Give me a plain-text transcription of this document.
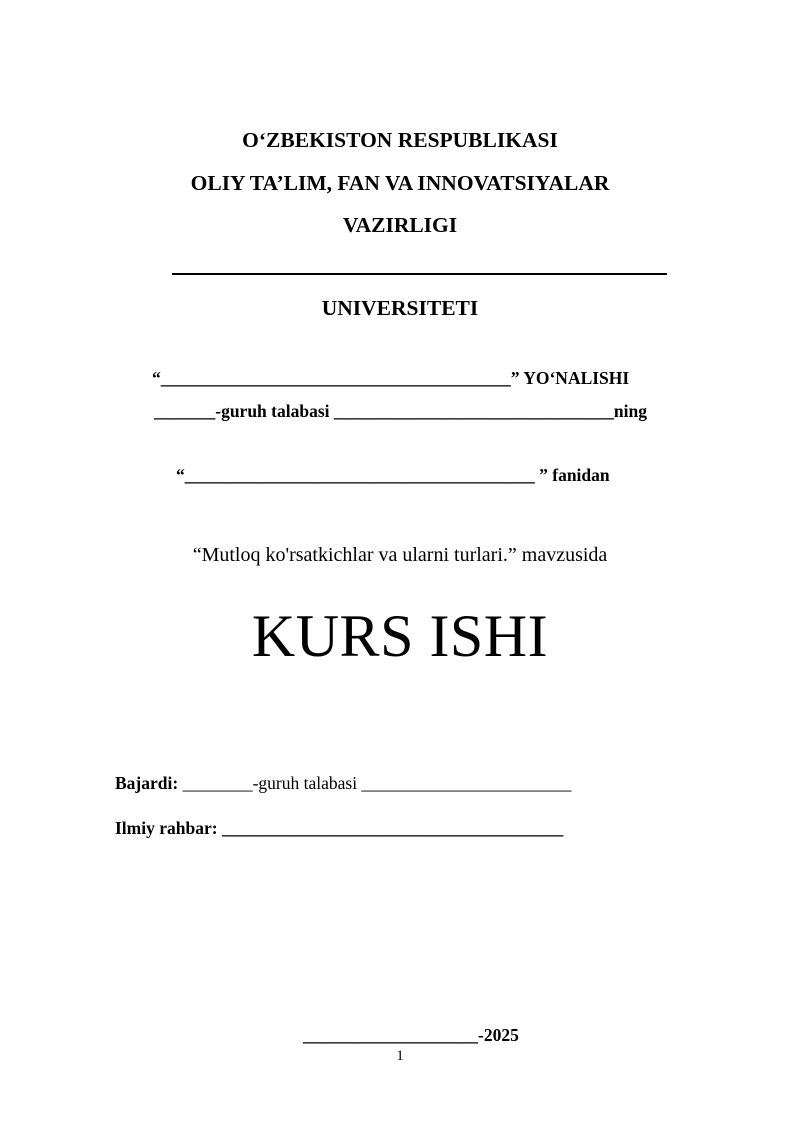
O‘ZBEKISTON RESPUBLIKASI
OLIY TA’LIM, FAN VA INNOVATSIYALAR
VAZIRLIGI
UNIVERSITETI
“________________________________________” YO‘NALISHI
_______-guruh talabasi ________________________________ning
“________________________________________ ” fanidan
“Mutloq ko'rsatkichlar va ularni turlari.” mavzusida
KURS ISHI
Bajardi: ________-guruh talabasi ________________________
Ilmiy rahbar: _______________________________________
____________________-2025
1
